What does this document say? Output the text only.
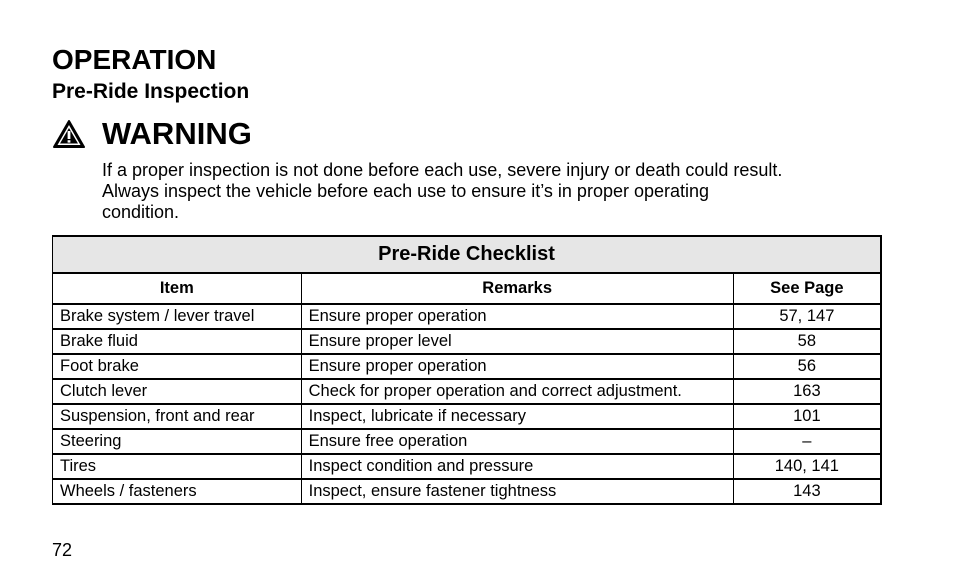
OPERATION
Pre-Ride Inspection
WARNING
If a proper inspection is not done before each use, severe injury or death could result.
Always inspect the vehicle before each use to ensure it’s in proper operating
condition.
Pre-Ride Checklist		
Item	Remarks	See Page
Brake system / lever travel	Ensure proper operation	57, 147
Brake fluid	Ensure proper level	58
Foot brake	Ensure proper operation	56
Clutch lever	Check for proper operation and correct adjustment.	163
Suspension, front and rear	Inspect, lubricate if necessary	101
Steering	Ensure free operation	–
Tires	Inspect condition and pressure	140, 141
Wheels / fasteners	Inspect, ensure fastener tightness	143
72
